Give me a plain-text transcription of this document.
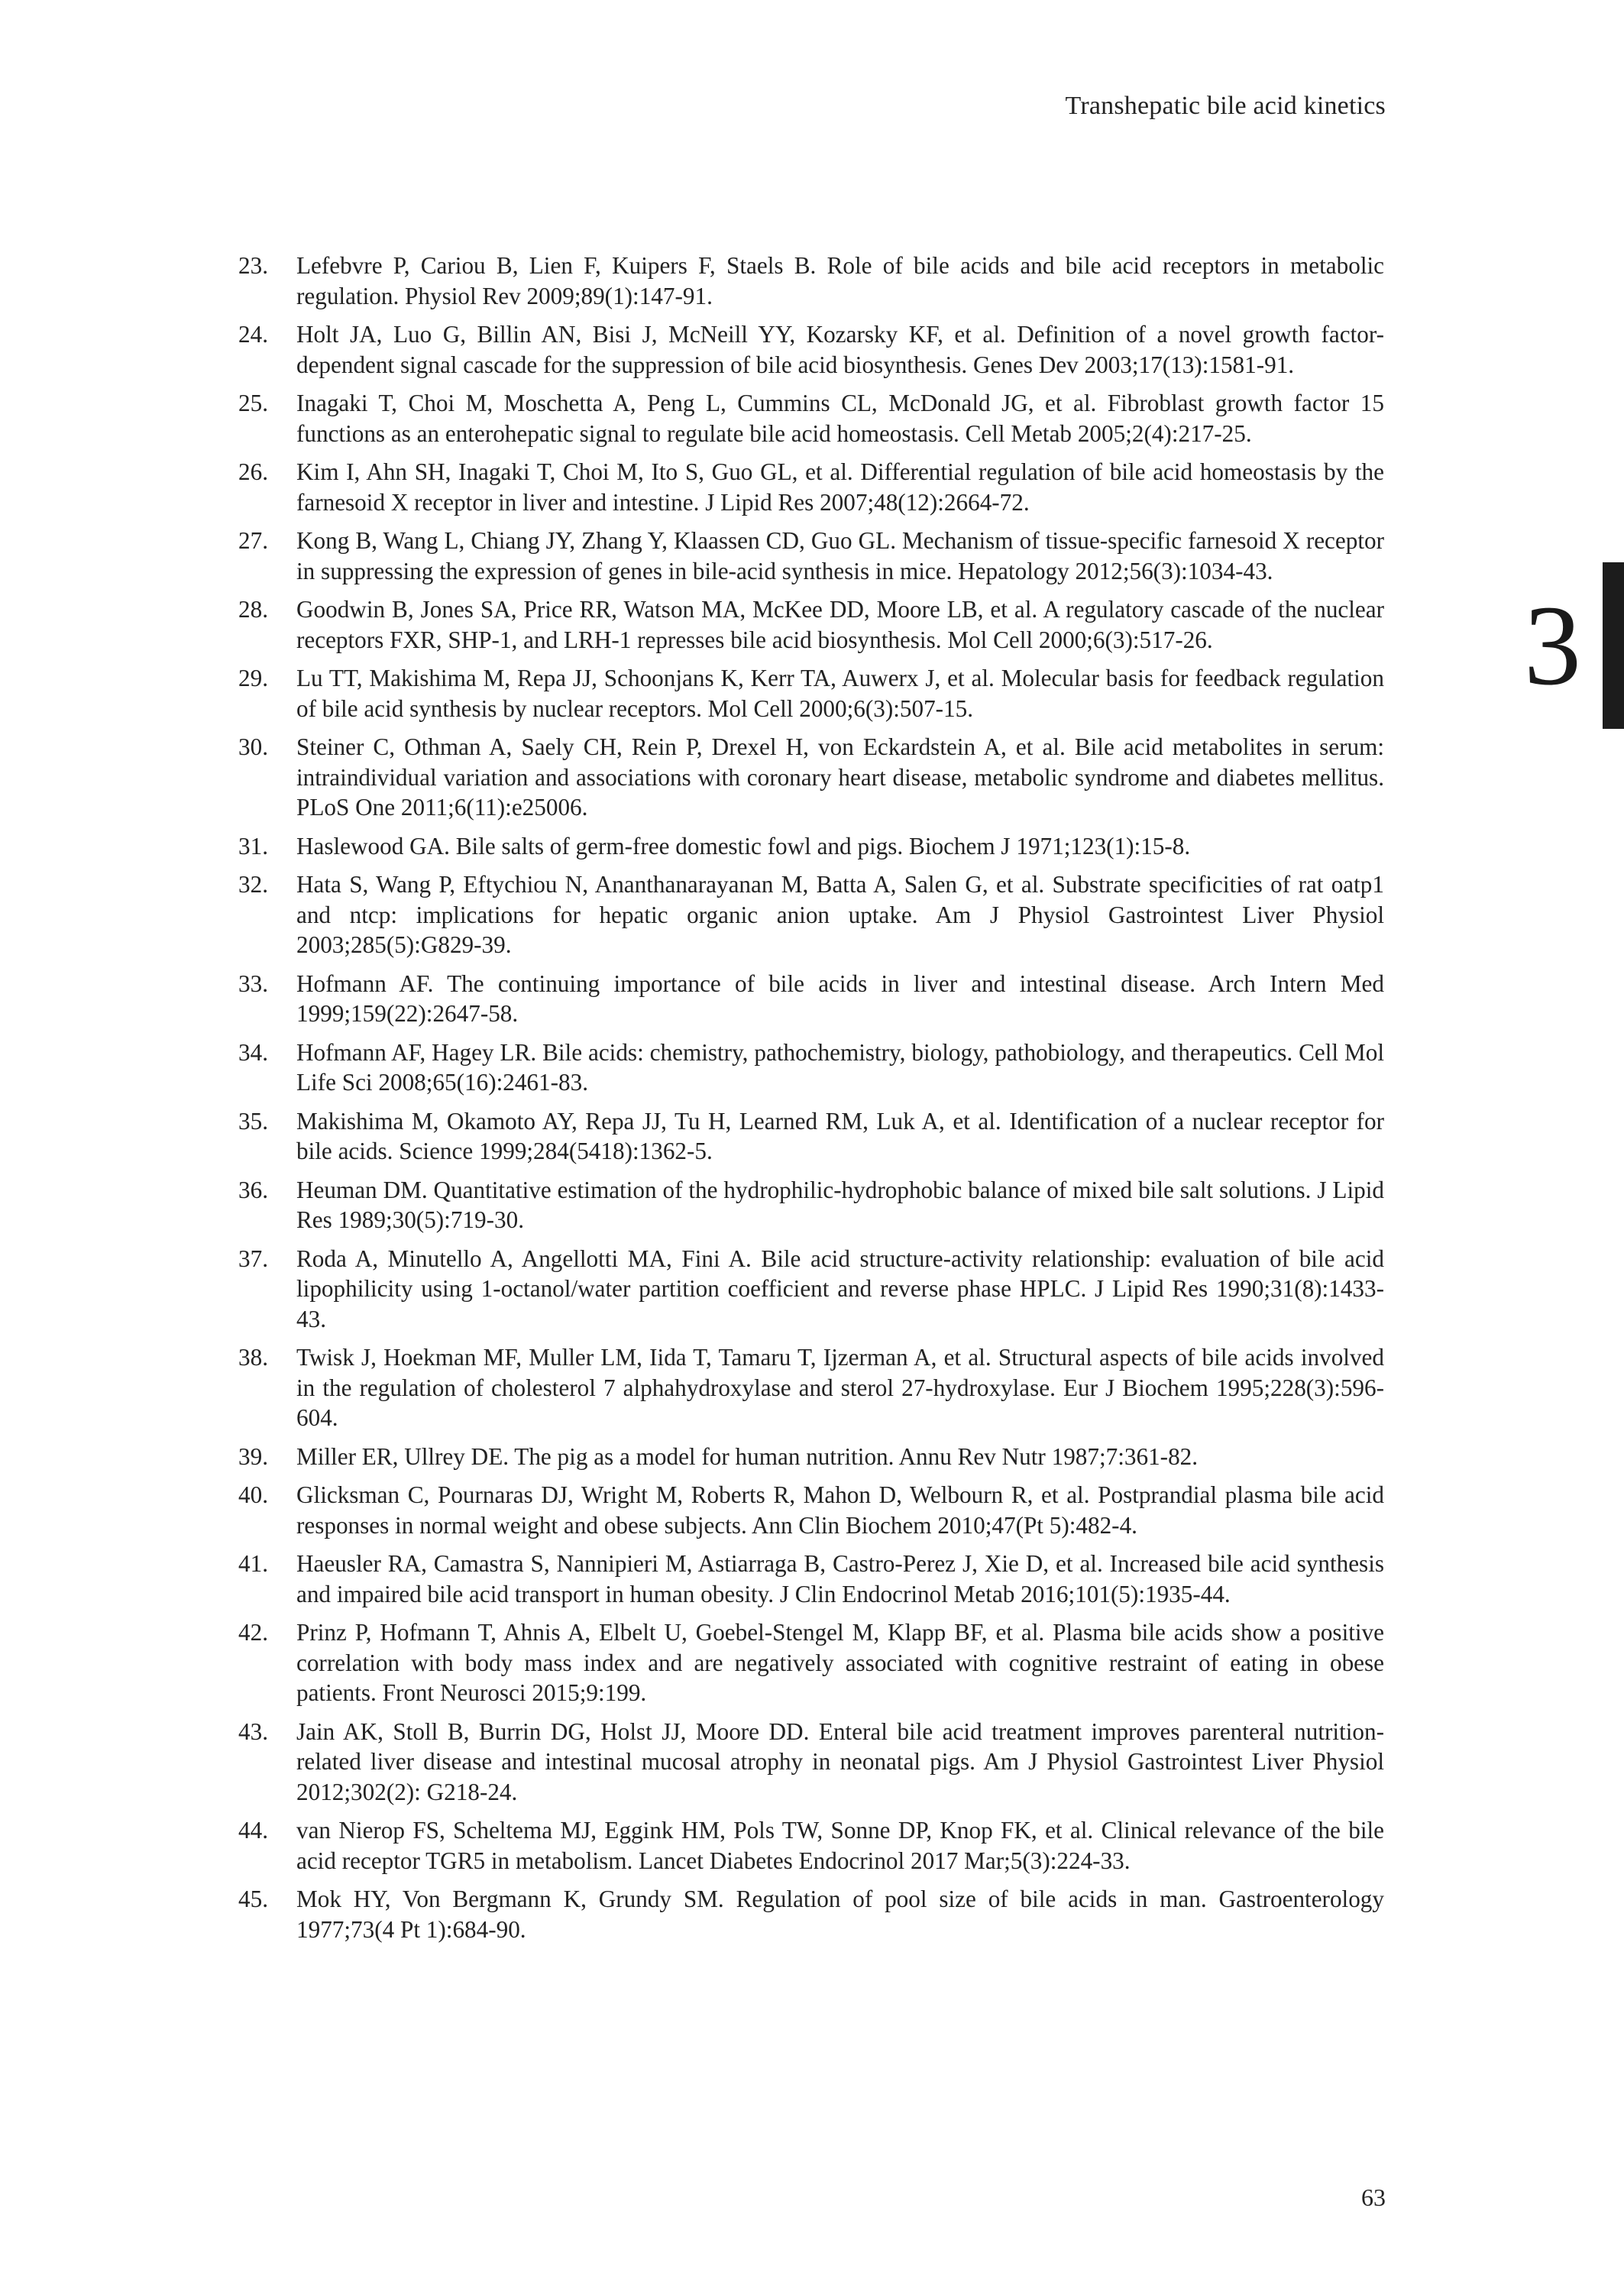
Transhepatic bile acid kinetics
3
23. Lefebvre P, Cariou B, Lien F, Kuipers F, Staels B. Role of bile acids and bile acid receptors in metabolic regulation. Physiol Rev 2009;89(1):147-91.
24. Holt JA, Luo G, Billin AN, Bisi J, McNeill YY, Kozarsky KF, et al. Definition of a novel growth factor-dependent signal cascade for the suppression of bile acid biosynthesis. Genes Dev 2003;17(13):1581-91.
25. Inagaki T, Choi M, Moschetta A, Peng L, Cummins CL, McDonald JG, et al. Fibroblast growth factor 15 functions as an enterohepatic signal to regulate bile acid homeostasis. Cell Metab 2005;2(4):217-25.
26. Kim I, Ahn SH, Inagaki T, Choi M, Ito S, Guo GL, et al. Differential regulation of bile acid homeostasis by the farnesoid X receptor in liver and intestine. J Lipid Res 2007;48(12):2664-72.
27. Kong B, Wang L, Chiang JY, Zhang Y, Klaassen CD, Guo GL. Mechanism of tissue-specific farnesoid X receptor in suppressing the expression of genes in bile-acid synthesis in mice. Hepatology 2012;56(3):1034-43.
28. Goodwin B, Jones SA, Price RR, Watson MA, McKee DD, Moore LB, et al. A regulatory cascade of the nuclear receptors FXR, SHP-1, and LRH-1 represses bile acid biosynthesis. Mol Cell 2000;6(3):517-26.
29. Lu TT, Makishima M, Repa JJ, Schoonjans K, Kerr TA, Auwerx J, et al. Molecular basis for feedback regulation of bile acid synthesis by nuclear receptors. Mol Cell 2000;6(3):507-15.
30. Steiner C, Othman A, Saely CH, Rein P, Drexel H, von Eckardstein A, et al. Bile acid metabolites in serum: intraindividual variation and associations with coronary heart disease, metabolic syndrome and diabetes mellitus. PLoS One 2011;6(11):e25006.
31. Haslewood GA. Bile salts of germ-free domestic fowl and pigs. Biochem J 1971;123(1):15-8.
32. Hata S, Wang P, Eftychiou N, Ananthanarayanan M, Batta A, Salen G, et al. Substrate specificities of rat oatp1 and ntcp: implications for hepatic organic anion uptake. Am J Physiol Gastrointest Liver Physiol 2003;285(5):G829-39.
33. Hofmann AF. The continuing importance of bile acids in liver and intestinal disease. Arch Intern Med 1999;159(22):2647-58.
34. Hofmann AF, Hagey LR. Bile acids: chemistry, pathochemistry, biology, pathobiology, and therapeutics. Cell Mol Life Sci 2008;65(16):2461-83.
35. Makishima M, Okamoto AY, Repa JJ, Tu H, Learned RM, Luk A, et al. Identification of a nuclear receptor for bile acids. Science 1999;284(5418):1362-5.
36. Heuman DM. Quantitative estimation of the hydrophilic-hydrophobic balance of mixed bile salt solutions. J Lipid Res 1989;30(5):719-30.
37. Roda A, Minutello A, Angellotti MA, Fini A. Bile acid structure-activity relationship: evaluation of bile acid lipophilicity using 1-octanol/water partition coefficient and reverse phase HPLC. J Lipid Res 1990;31(8):1433-43.
38. Twisk J, Hoekman MF, Muller LM, Iida T, Tamaru T, Ijzerman A, et al. Structural aspects of bile acids involved in the regulation of cholesterol 7 alphahydroxylase and sterol 27-hydroxylase. Eur J Biochem 1995;228(3):596-604.
39. Miller ER, Ullrey DE. The pig as a model for human nutrition. Annu Rev Nutr 1987;7:361-82.
40. Glicksman C, Pournaras DJ, Wright M, Roberts R, Mahon D, Welbourn R, et al. Postprandial plasma bile acid responses in normal weight and obese subjects. Ann Clin Biochem 2010;47(Pt 5):482-4.
41. Haeusler RA, Camastra S, Nannipieri M, Astiarraga B, Castro-Perez J, Xie D, et al. Increased bile acid synthesis and impaired bile acid transport in human obesity. J Clin Endocrinol Metab 2016;101(5):1935-44.
42. Prinz P, Hofmann T, Ahnis A, Elbelt U, Goebel-Stengel M, Klapp BF, et al. Plasma bile acids show a positive correlation with body mass index and are negatively associated with cognitive restraint of eating in obese patients. Front Neurosci 2015;9:199.
43. Jain AK, Stoll B, Burrin DG, Holst JJ, Moore DD. Enteral bile acid treatment improves parenteral nutrition-related liver disease and intestinal mucosal atrophy in neonatal pigs. Am J Physiol Gastrointest Liver Physiol 2012;302(2): G218-24.
44. van Nierop FS, Scheltema MJ, Eggink HM, Pols TW, Sonne DP, Knop FK, et al. Clinical relevance of the bile acid receptor TGR5 in metabolism. Lancet Diabetes Endocrinol 2017 Mar;5(3):224-33.
45. Mok HY, Von Bergmann K, Grundy SM. Regulation of pool size of bile acids in man. Gastroenterology 1977;73(4 Pt 1):684-90.
63
